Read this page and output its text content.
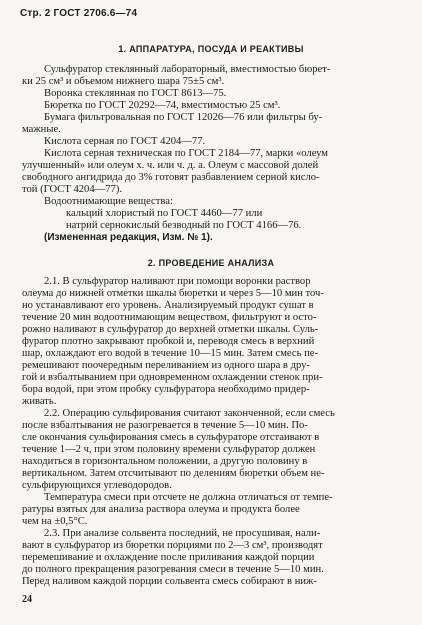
Стр. 2 ГОСТ 2706.6—74
1. АППАРАТУРА, ПОСУДА И РЕАКТИВЫ
Сульфуратор стеклянный лабораторный, вместимостью бюрет-
ки 25 см³ и объемом нижнего шара 75±5 см³.
Воронка стеклянная по ГОСТ 8613—75.
Бюретка по ГОСТ 20292—74, вместимостью 25 см³.
Бумага фильтровальная по ГОСТ 12026—76 или фильтры бу-
мажные.
Кислота серная по ГОСТ 4204—77.
Кислота серная техническая по ГОСТ 2184—77, марки «олеум
улучшенный» или олеум х. ч. или ч. д. а. Олеум с массовой долей
свободного ангидрида до 3% готовят разбавлением серной кисло-
той (ГОСТ 4204—77).
Водоотнимающие вещества:
кальций хлористый по ГОСТ 4460—77 или
натрий сернокислый безводный по ГОСТ 4166—76.
(Измененная редакция, Изм. № 1).
2. ПРОВЕДЕНИЕ АНАЛИЗА
2.1. В сульфуратор наливают при помощи воронки раствор
олеума до нижней отметки шкалы бюретки и через 5—10 мин точ-
но устанавливают его уровень. Анализируемый продукт сушат в
течение 20 мин водоотнимающим веществом, фильтруют и осто-
рожно наливают в сульфуратор до верхней отметки шкалы. Суль-
фуратор плотно закрывают пробкой и, переводя смесь в верхний
шар, охлаждают его водой в течение 10—15 мин. Затем смесь пе-
ремешивают поочередным переливанием из одного шара в дру-
гой и взбалтыванием при одновременном охлаждении стенок при-
бора водой, при этом пробку сульфуратора необходимо придер-
живать.
2.2. Операцию сульфирования считают законченной, если смесь
после взбалтывания не разогревается в течение 5—10 мин. По-
сле окончания сульфирования смесь в сульфураторе отстаивают в
течение 1—2 ч, при этом половину времени сульфуратор должен
находиться в горизонтальном положении, а другую половину в
вертикальном. Затем отсчитывают по делениям бюретки объем не-
сульфирующихся углеводородов.
Температура смеси при отсчете не должна отличаться от темпе-
ратуры взятых для анализа раствора олеума и продукта более
чем на ±0,5°С.
2.3. При анализе сольвента последний, не просушивая, нали-
вают в сульфуратор из бюретки порциями по 2—3 см³, производят
перемешивание и охлаждение после приливания каждой порции
до полного прекращения разогревания смеси в течение 5—10 мин.
Перед наливом каждой порции сольвента смесь собирают в ниж-
24
